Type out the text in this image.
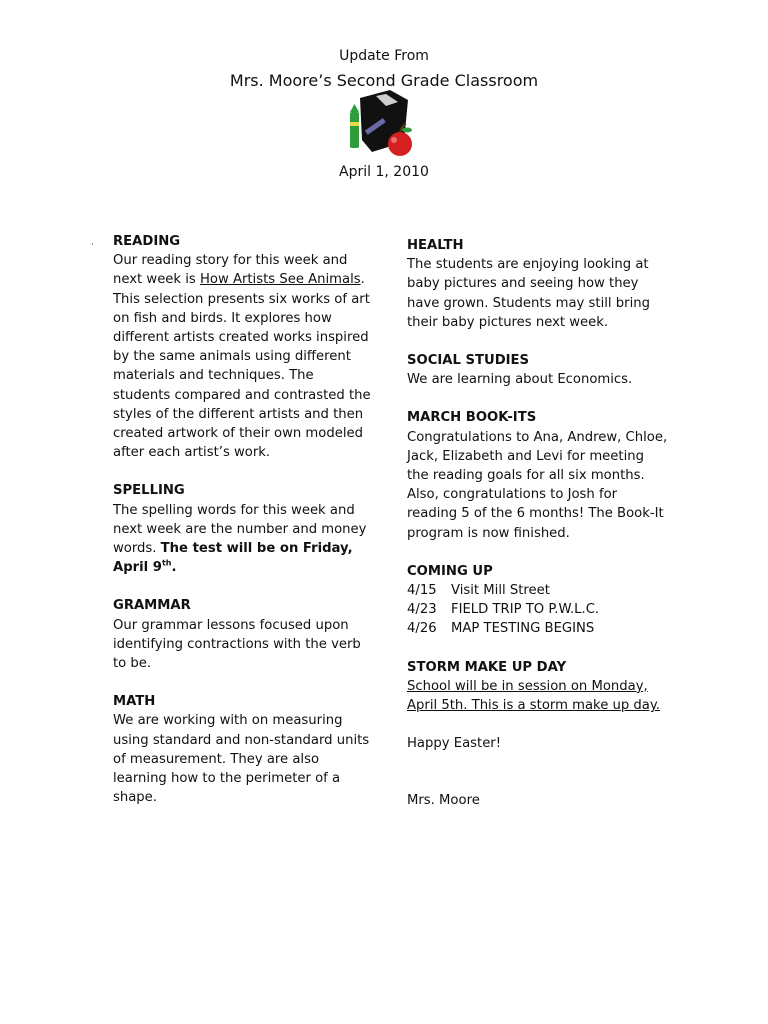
Update From
Mrs. Moore’s Second Grade Classroom
April 1, 2010
· READING

Our reading story for this week and next week is How Artists See Animals. This selection presents six works of art on fish and birds. It explores how different artists created works inspired by the same animals using different materials and techniques. The students compared and contrasted the styles of the different artists and then created artwork of their own modeled after each artist’s work.

SPELLING

The spelling words for this week and next week are the number and money words. The test will be on Friday, April 9th.

GRAMMAR

Our grammar lessons focused upon identifying contractions with the verb to be.

MATH

We are working with on measuring using standard and non-standard units of measurement. They are also learning how to the perimeter of a shape.

HEALTH

The students are enjoying looking at baby pictures and seeing how they have grown. Students may still bring their baby pictures next week.

SOCIAL STUDIES

We are learning about Economics.

MARCH BOOK-ITS

Congratulations to Ana, Andrew, Chloe, Jack, Elizabeth and Levi for meeting the reading goals for all six months. Also, congratulations to Josh for reading 5 of the 6 months! The Book-It program is now finished.

COMING UP
4/15	Visit Mill Street
4/23	FIELD TRIP TO P.W.L.C.
4/26	MAP TESTING BEGINS
STORM MAKE UP DAY

School will be in session on Monday, April 5th. This is a storm make up day.

Happy Easter!

Mrs. Moore
